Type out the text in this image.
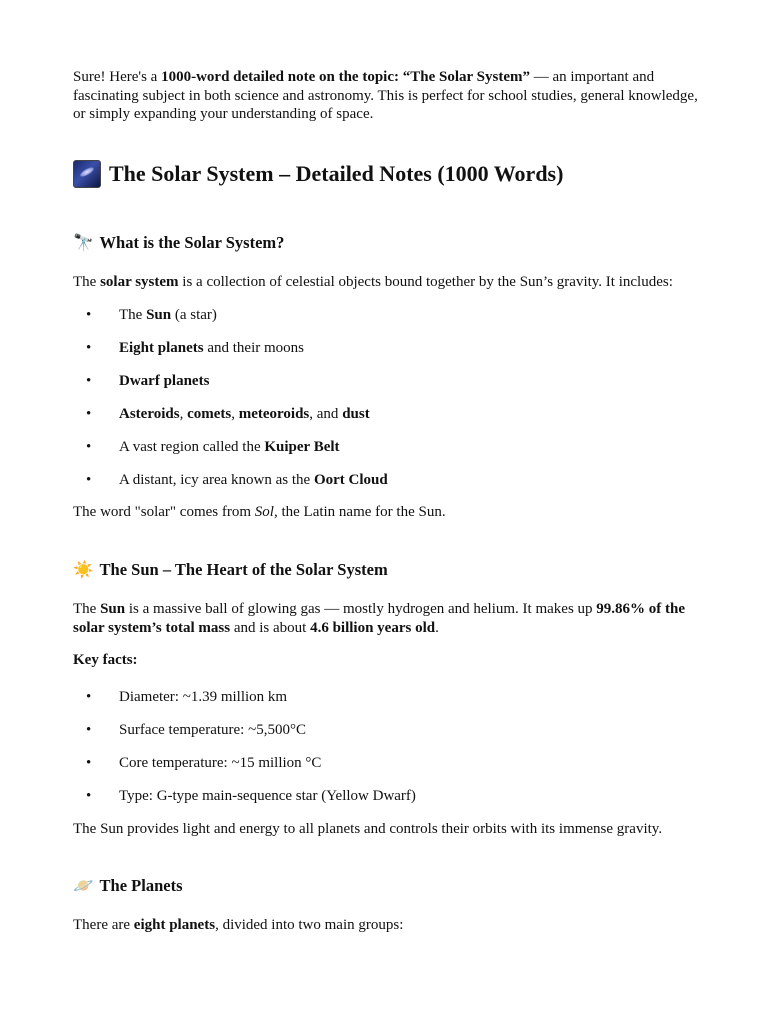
Sure! Here's a 1000-word detailed note on the topic: “The Solar System” — an important and fascinating subject in both science and astronomy. This is perfect for school studies, general knowledge, or simply expanding your understanding of space.

The Solar System – Detailed Notes (1000 Words)
🔭 What is the Solar System?

The solar system is a collection of celestial objects bound together by the Sun’s gravity. It includes:

• The Sun (a star)
• Eight planets and their moons
• Dwarf planets
• Asteroids, comets, meteoroids, and dust
• A vast region called the Kuiper Belt
• A distant, icy area known as the Oort Cloud

The word "solar" comes from Sol, the Latin name for the Sun.

☀️ The Sun – The Heart of the Solar System

The Sun is a massive ball of glowing gas — mostly hydrogen and helium. It makes up 99.86% of the solar system’s total mass and is about 4.6 billion years old.

Key facts:

• Diameter: ~1.39 million km
• Surface temperature: ~5,500°C
• Core temperature: ~15 million °C
• Type: G-type main-sequence star (Yellow Dwarf)

The Sun provides light and energy to all planets and controls their orbits with its immense gravity.

🪐 The Planets

There are eight planets, divided into two main groups:
